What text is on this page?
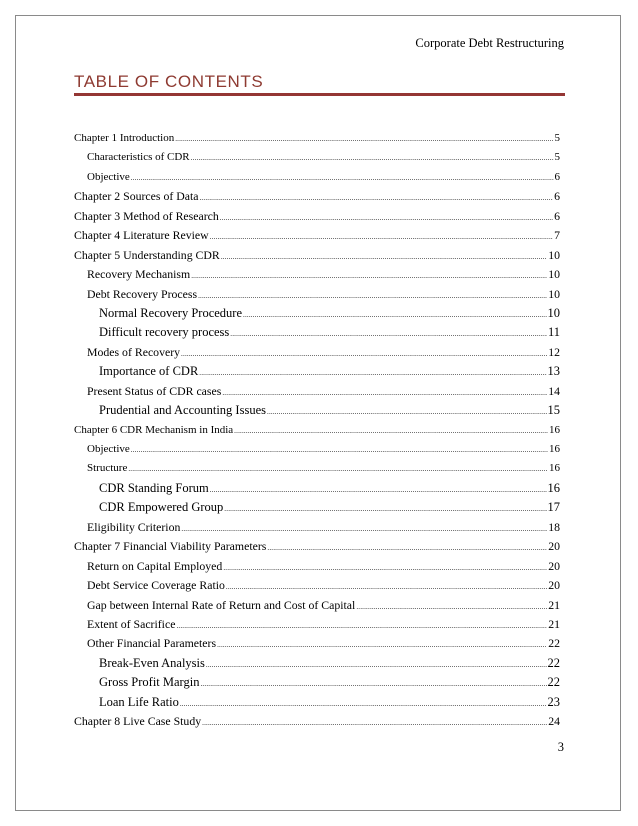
Corporate Debt Restructuring
TABLE OF CONTENTS
Chapter 1 Introduction .....	5
Characteristics of CDR .....	5
Objective .....	6
Chapter 2 Sources of Data .....	6
Chapter 3 Method of Research .....	6
Chapter 4 Literature Review .....	7
Chapter 5 Understanding CDR .....	10
Recovery Mechanism .....	10
Debt Recovery Process .....	10
Normal Recovery Procedure .....	10
Difficult recovery process .....	11
Modes of Recovery .....	12
Importance of CDR .....	13
Present Status of CDR cases .....	14
Prudential and Accounting Issues .....	15
Chapter 6 CDR Mechanism in India .....	16
Objective .....	16
Structure .....	16
CDR Standing Forum .....	16
CDR Empowered Group .....	17
Eligibility Criterion .....	18
Chapter 7 Financial Viability Parameters .....	20
Return on Capital Employed .....	20
Debt Service Coverage Ratio .....	20
Gap between Internal Rate of Return and Cost of Capital .....	21
Extent of Sacrifice .....	21
Other Financial Parameters .....	22
Break-Even Analysis .....	22
Gross Profit Margin .....	22
Loan Life Ratio .....	23
Chapter 8 Live Case Study .....	24
3
